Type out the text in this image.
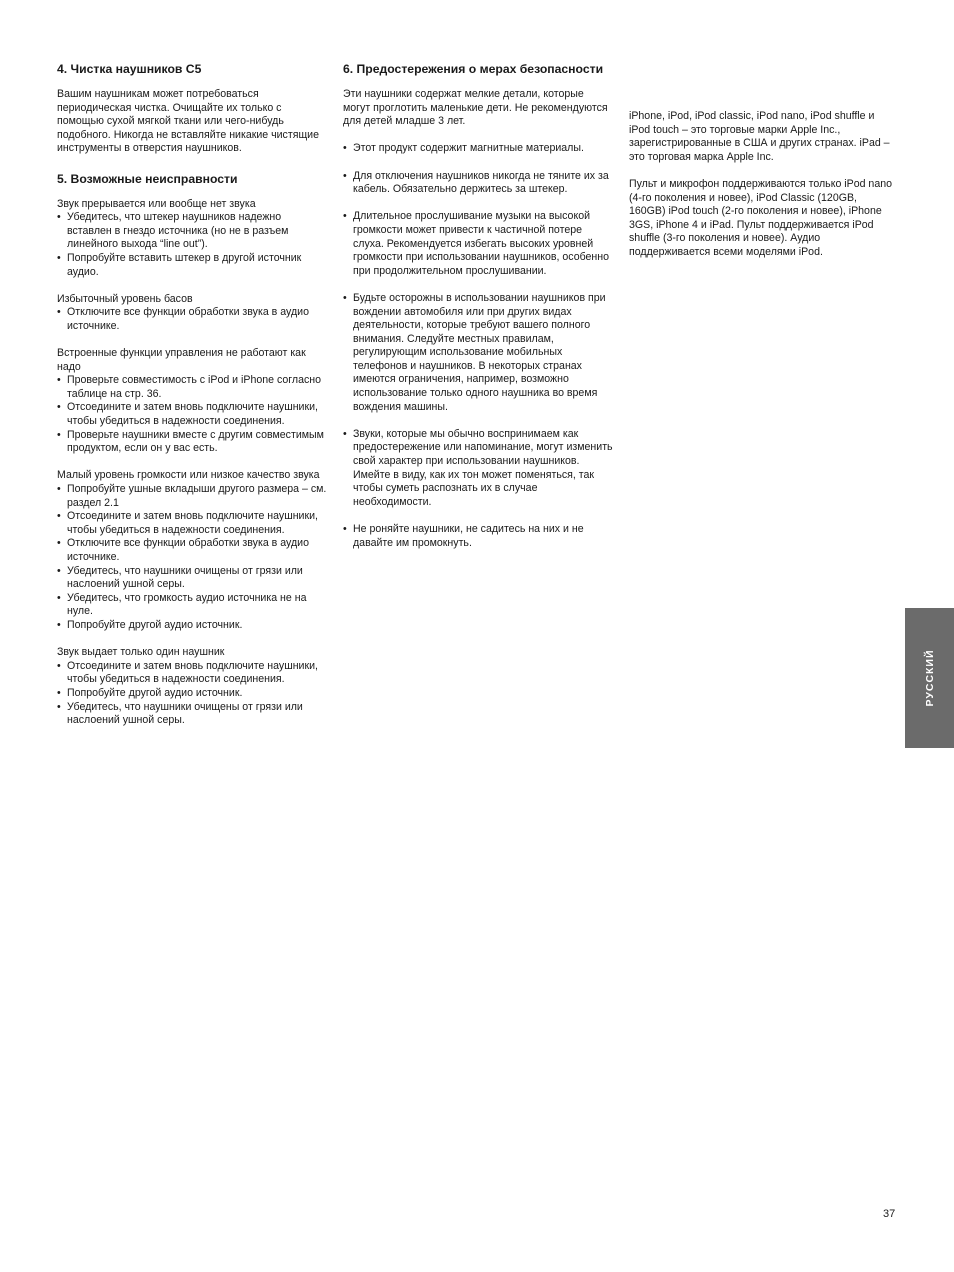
4. Чистка наушников C5

Вашим наушникам может потребоваться периодическая чистка. Очищайте их только с помощью сухой мягкой ткани или чего-нибудь подобного. Никогда не вставляйте никакие чистящие инструменты в отверстия наушников.

5. Возможные неисправности

Звук прерывается или вообще нет звука

• Убедитесь, что штекер наушников надежно вставлен в гнездо источника (но не в разъем линейного выхода “line out”).
• Попробуйте вставить штекер в другой источник аудио.

Избыточный уровень басов

• Отключите все функции обработки звука в аудио источнике.

Встроенные функции управления не работают как надо

• Проверьте совместимость с iPod и iPhone согласно таблице на стр. 36.
• Отсоедините и затем вновь подключите наушники, чтобы убедиться в надежности соединения.
• Проверьте наушники вместе с другим совместимым продуктом, если он у вас есть.

Малый уровень громкости или низкое качество звука

• Попробуйте ушные вкладыши другого размера – см. раздел 2.1
• Отсоедините и затем вновь подключите наушники, чтобы убедиться в надежности соединения.
• Отключите все функции обработки звука в аудио источнике.
• Убедитесь, что наушники очищены от грязи или наслоений ушной серы.
• Убедитесь, что громкость аудио источника не на нуле.
• Попробуйте другой аудио источник.

Звук выдает только один наушник

• Отсоедините и затем вновь подключите наушники, чтобы убедиться в надежности соединения.
• Попробуйте другой аудио источник.
• Убедитесь, что наушники очищены от грязи или наслоений ушной серы.
6. Предостережения о мерах безопасности

Эти наушники содержат мелкие детали, которые могут проглотить маленькие дети. Не рекомендуются для детей младше 3 лет.

• Этот продукт содержит магнитные материалы.
• Для отключения наушников никогда не тяните их за кабель. Обязательно держитесь за штекер.
• Длительное прослушивание музыки на высокой громкости может привести к частичной потере слуха. Рекомендуется избегать высоких уровней громкости при использовании наушников, особенно при продолжительном прослушивании.
• Будьте осторожны в использовании наушников при вождении автомобиля или при других видах деятельности, которые требуют вашего полного внимания. Следуйте местных правилам, регулирующим использование мобильных телефонов и наушников. В некоторых странах имеются ограничения, например, возможно использование только одного наушника во время вождения машины.
• Звуки, которые мы обычно воспринимаем как предостережение или напоминание, могут изменить свой характер при использовании наушников. Имейте в виду, как их тон может поменяться, так чтобы суметь распознать их в случае необходимости.
• Не роняйте наушники, не садитесь на них и не давайте им промокнуть.

iPhone, iPod, iPod classic, iPod nano, iPod shuffle и iPod touch – это торговые марки Apple Inc., зарегистрированные в США и других странах. iPad – это торговая марка Apple Inc.

Пульт и микрофон поддерживаются только iPod nano (4-го поколения и новее), iPod Classic (120GB, 160GB) iPod touch (2-го поколения и новее), iPhone 3GS, iPhone 4 и iPad. Пульт поддерживается iPod shuffle (3-го поколения и новее). Аудио поддерживается всеми моделями iPod.

РУССКИЙ
37
